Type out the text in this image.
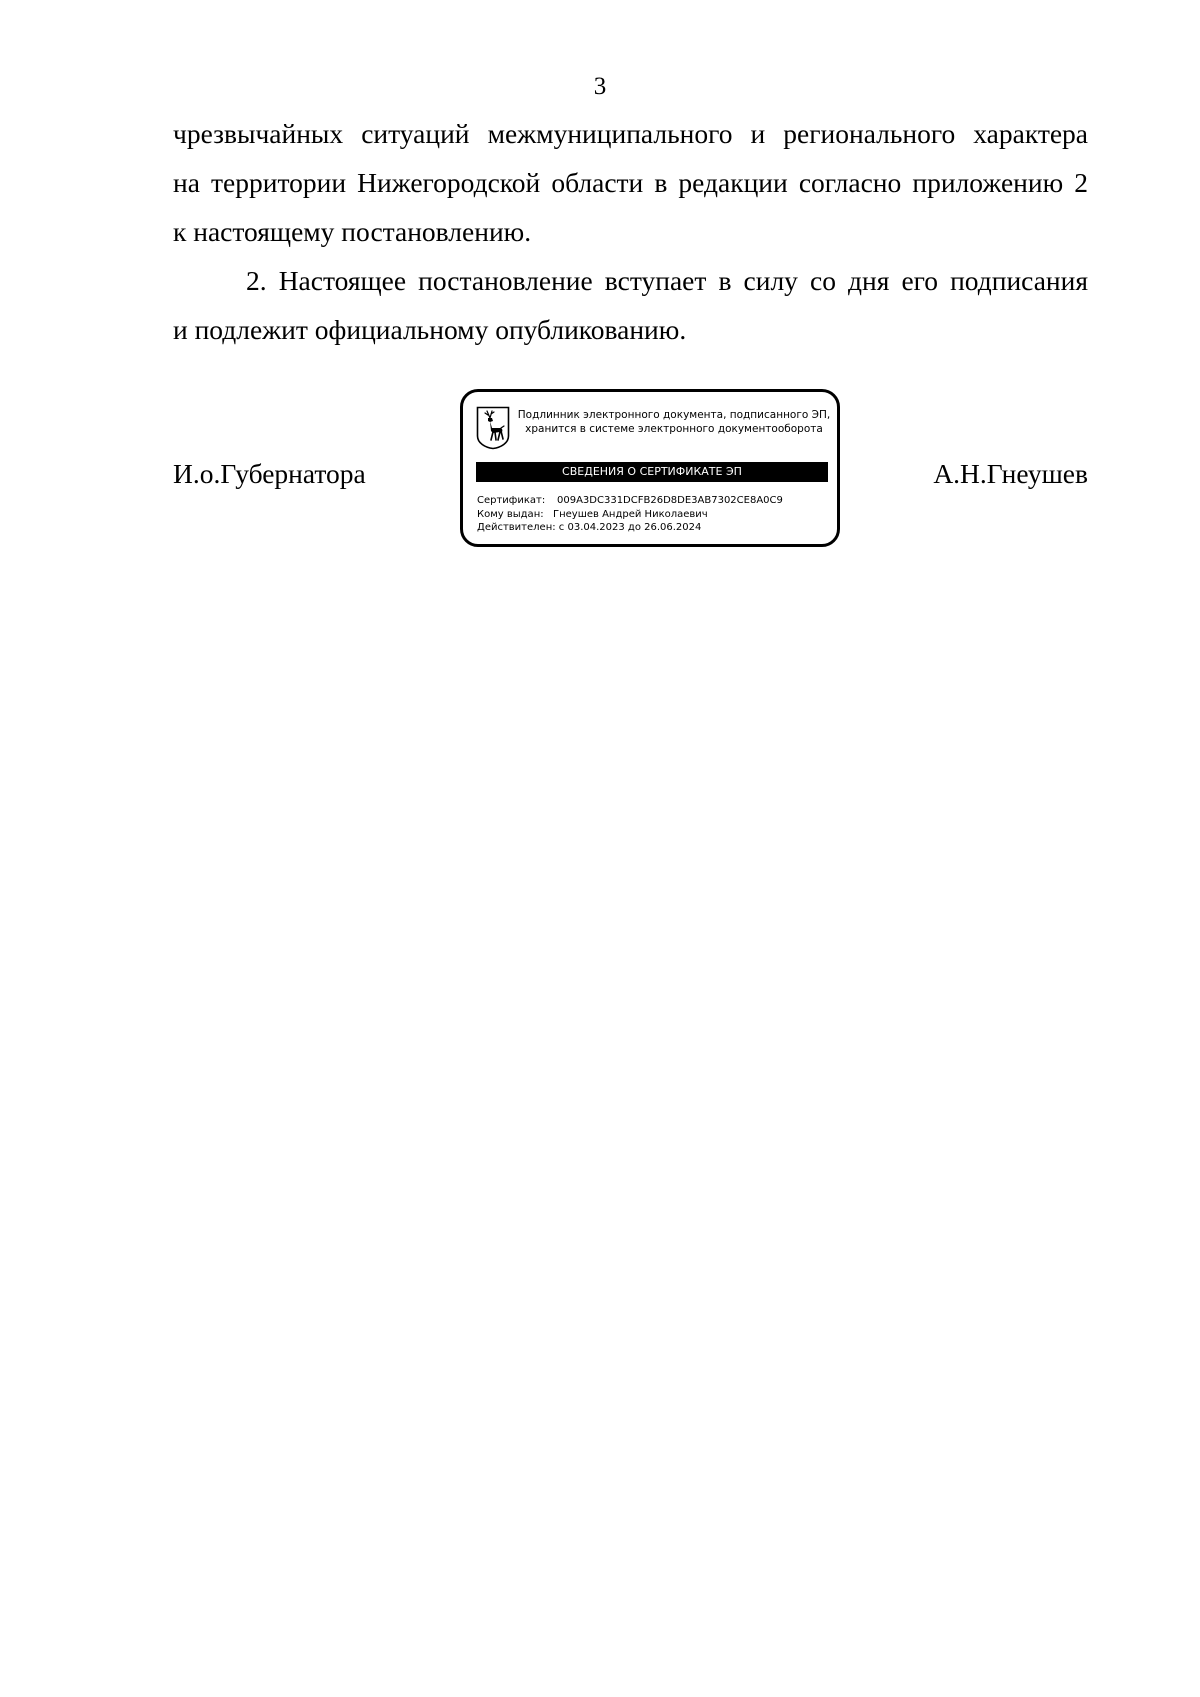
3
чрезвычайных ситуаций межмуниципального и регионального характера
на территории Нижегородской области в редакции согласно приложению 2
к настоящему постановлению.
2. Настоящее постановление вступает в силу со дня его подписания
и подлежит официальному опубликованию.
И.о.Губернатора
Подлинник электронного документа, подписанного ЭП,
хранится в системе электронного документооборота
СВЕДЕНИЯ О СЕРТИФИКАТЕ ЭП
Сертификат: 009A3DC331DCFB26D8DE3AB7302CE8A0C9
Кому выдан: Гнеушев Андрей Николаевич
Действителен: с 03.04.2023 до 26.06.2024
А.Н.Гнеушев
